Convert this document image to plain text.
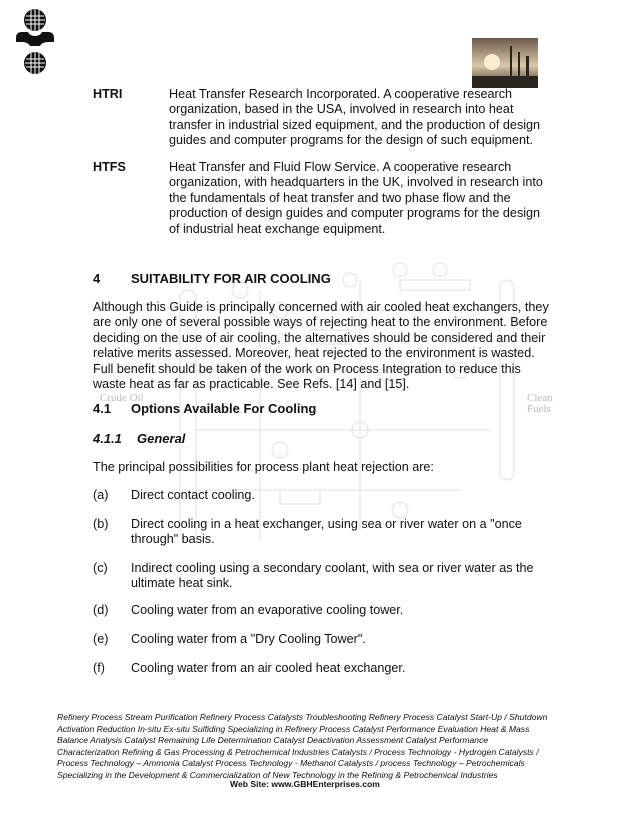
Crude Oil	Clean Fuels
HTRI	Heat Transfer Research Incorporated. A cooperative research organization, based in the USA, involved in research into heat transfer in industrial sized equipment, and the production of design guides and computer programs for the design of such equipment.
HTFS	Heat Transfer and Fluid Flow Service. A cooperative research organization, with headquarters in the UK, involved in research into the fundamentals of heat transfer and two phase flow and the production of design guides and computer programs for the design of industrial heat exchange equipment.
4 SUITABILITY FOR AIR COOLING
Although this Guide is principally concerned with air cooled heat exchangers, they are only one of several possible ways of rejecting heat to the environment. Before deciding on the use of air cooling, the alternatives should be considered and their relative merits assessed. Moreover, heat rejected to the environment is wasted. Full benefit should be taken of the work on Process Integration to reduce this waste heat as far as practicable. See Refs. [14] and [15].
4.1 Options Available For Cooling
4.1.1 General
The principal possibilities for process plant heat rejection are:
(a) Direct contact cooling.
(b) Direct cooling in a heat exchanger, using sea or river water on a "once through" basis.
(c) Indirect cooling using a secondary coolant, with sea or river water as the ultimate heat sink.
(d) Cooling water from an evaporative cooling tower.
(e) Cooling water from a "Dry Cooling Tower".
(f) Cooling water from an air cooled heat exchanger.
Refinery Process Stream Purification Refinery Process Catalysts Troubleshooting Refinery Process Catalyst Start-Up / Shutdown
Activation Reduction In-situ Ex-situ Sulfiding Specializing in Refinery Process Catalyst Performance Evaluation Heat & Mass
Balance Analysis Catalyst Remaining Life Determination Catalyst Deactivation Assessment Catalyst Performance
Characterization Refining & Gas Processing & Petrochemical Industries Catalysts / Process Technology - Hydrogen Catalysts /
Process Technology – Ammonia Catalyst Process Technology - Methanol Catalysts / process Technology – Petrochemicals
Specializing in the Development & Commercialization of New Technology in the Refining & Petrochemical Industries
Web Site: www.GBHEnterprises.com
